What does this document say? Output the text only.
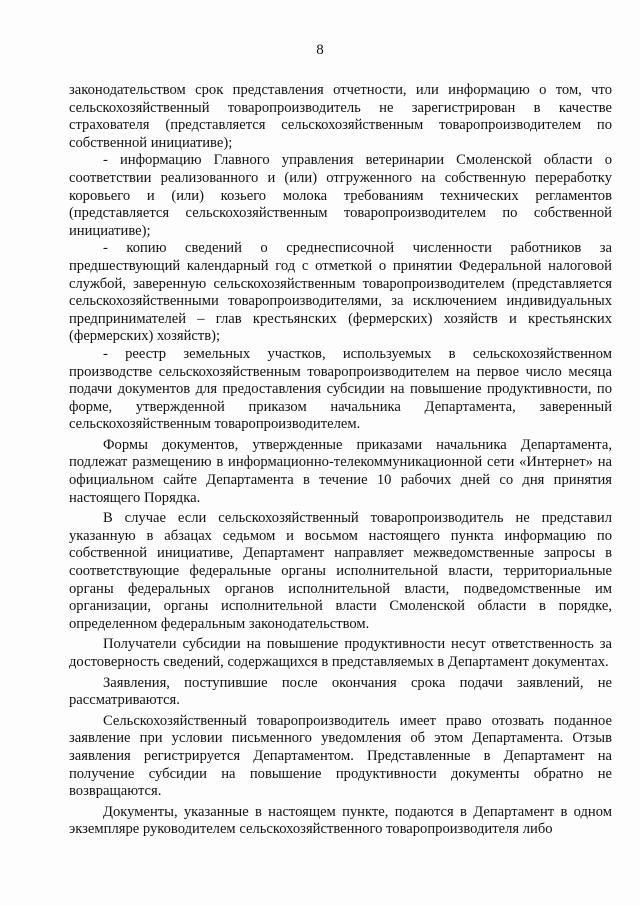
8

законодательством срок представления отчетности, или информацию о том, что сельскохозяйственный товаропроизводитель не зарегистрирован в качестве страхователя (представляется сельскохозяйственным товаропроизводителем по собственной инициативе);

- информацию Главного управления ветеринарии Смоленской области о соответствии реализованного и (или) отгруженного на собственную переработку коровьего и (или) козьего молока требованиям технических регламентов (представляется сельскохозяйственным товаропроизводителем по собственной инициативе);

- копию сведений о среднесписочной численности работников за предшествующий календарный год с отметкой о принятии Федеральной налоговой службой, заверенную сельскохозяйственным товаропроизводителем (представляется сельскохозяйственными товаропроизводителями, за исключением индивидуальных предпринимателей – глав крестьянских (фермерских) хозяйств и крестьянских (фермерских) хозяйств);

- реестр земельных участков, используемых в сельскохозяйственном производстве сельскохозяйственным товаропроизводителем на первое число месяца подачи документов для предоставления субсидии на повышение продуктивности, по форме, утвержденной приказом начальника Департамента, заверенный сельскохозяйственным товаропроизводителем.

Формы документов, утвержденные приказами начальника Департамента, подлежат размещению в информационно-телекоммуникационной сети «Интернет» на официальном сайте Департамента в течение 10 рабочих дней со дня принятия настоящего Порядка.

В случае если сельскохозяйственный товаропроизводитель не представил указанную в абзацах седьмом и восьмом настоящего пункта информацию по собственной инициативе, Департамент направляет межведомственные запросы в соответствующие федеральные органы исполнительной власти, территориальные органы федеральных органов исполнительной власти, подведомственные им организации, органы исполнительной власти Смоленской области в порядке, определенном федеральным законодательством.

Получатели субсидии на повышение продуктивности несут ответственность за достоверность сведений, содержащихся в представляемых в Департамент документах.

Заявления, поступившие после окончания срока подачи заявлений, не рассматриваются.

Сельскохозяйственный товаропроизводитель имеет право отозвать поданное заявление при условии письменного уведомления об этом Департамента. Отзыв заявления регистрируется Департаментом. Представленные в Департамент на получение субсидии на повышение продуктивности документы обратно не возвращаются.

Документы, указанные в настоящем пункте, подаются в Департамент в одном экземпляре руководителем сельскохозяйственного товаропроизводителя либо
